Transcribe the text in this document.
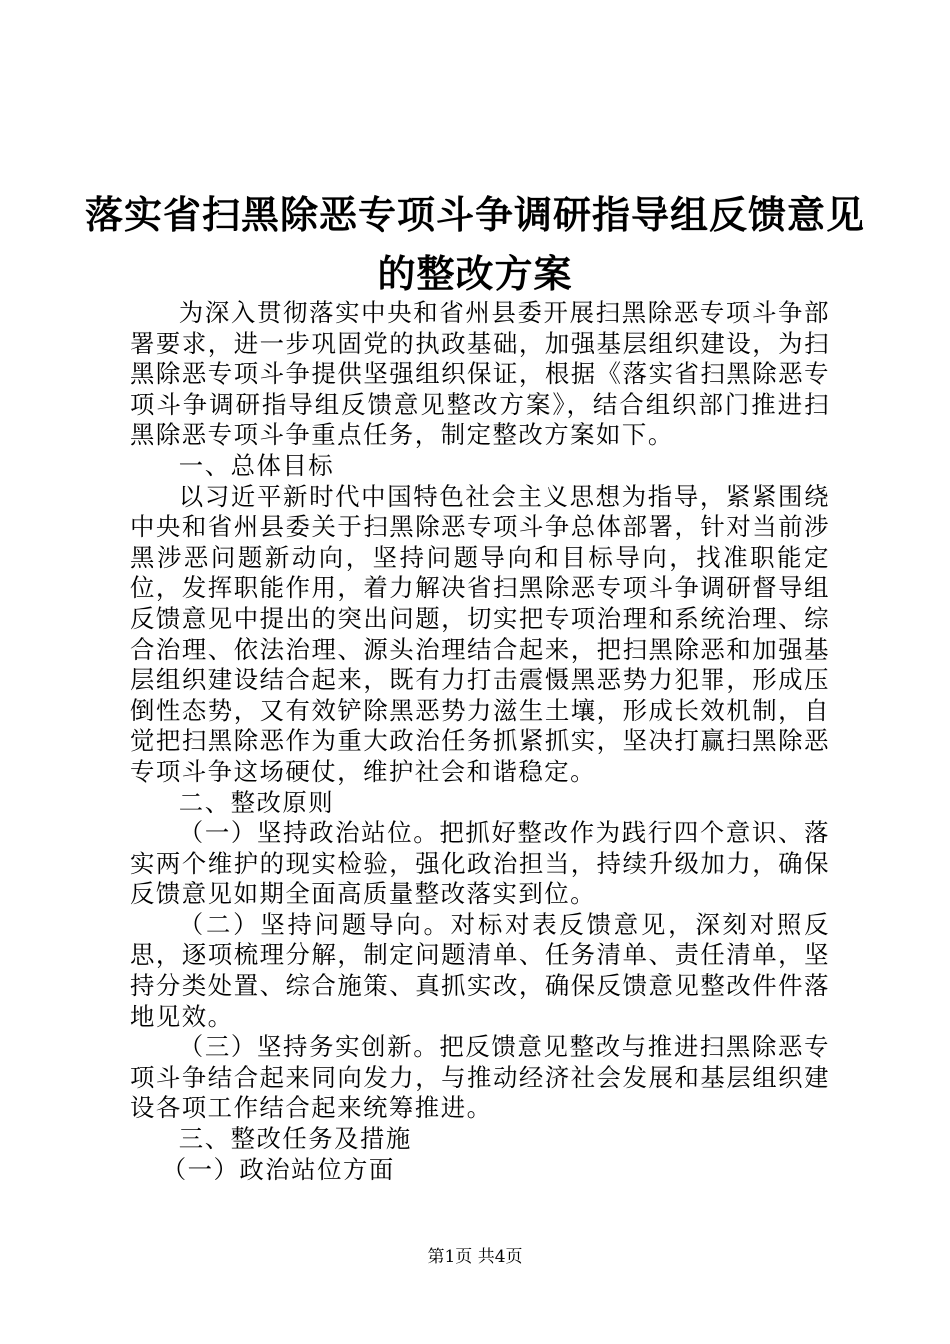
落实省扫黑除恶专项斗争调研指导组反馈意见
的整改方案

为深入贯彻落实中央和省州县委开展扫黑除恶专项斗争部署要求，进一步巩固党的执政基础，加强基层组织建设，为扫黑除恶专项斗争提供坚强组织保证，根据《落实省扫黑除恶专项斗争调研指导组反馈意见整改方案》，结合组织部门推进扫黑除恶专项斗争重点任务，制定整改方案如下。

一、总体目标

以习近平新时代中国特色社会主义思想为指导，紧紧围绕中央和省州县委关于扫黑除恶专项斗争总体部署，针对当前涉黑涉恶问题新动向，坚持问题导向和目标导向，找准职能定位，发挥职能作用，着力解决省扫黑除恶专项斗争调研督导组反馈意见中提出的突出问题，切实把专项治理和系统治理、综合治理、依法治理、源头治理结合起来，把扫黑除恶和加强基层组织建设结合起来，既有力打击震慑黑恶势力犯罪，形成压倒性态势，又有效铲除黑恶势力滋生土壤，形成长效机制，自觉把扫黑除恶作为重大政治任务抓紧抓实，坚决打赢扫黑除恶专项斗争这场硬仗，维护社会和谐稳定。

二、整改原则

（一）坚持政治站位。把抓好整改作为践行四个意识、落实两个维护的现实检验，强化政治担当，持续升级加力，确保反馈意见如期全面高质量整改落实到位。

（二）坚持问题导向。对标对表反馈意见，深刻对照反思，逐项梳理分解，制定问题清单、任务清单、责任清单，坚持分类处置、综合施策、真抓实改，确保反馈意见整改件件落地见效。

（三）坚持务实创新。把反馈意见整改与推进扫黑除恶专项斗争结合起来同向发力，与推动经济社会发展和基层组织建设各项工作结合起来统筹推进。

三、整改任务及措施

（一）政治站位方面

第1页 共4页
